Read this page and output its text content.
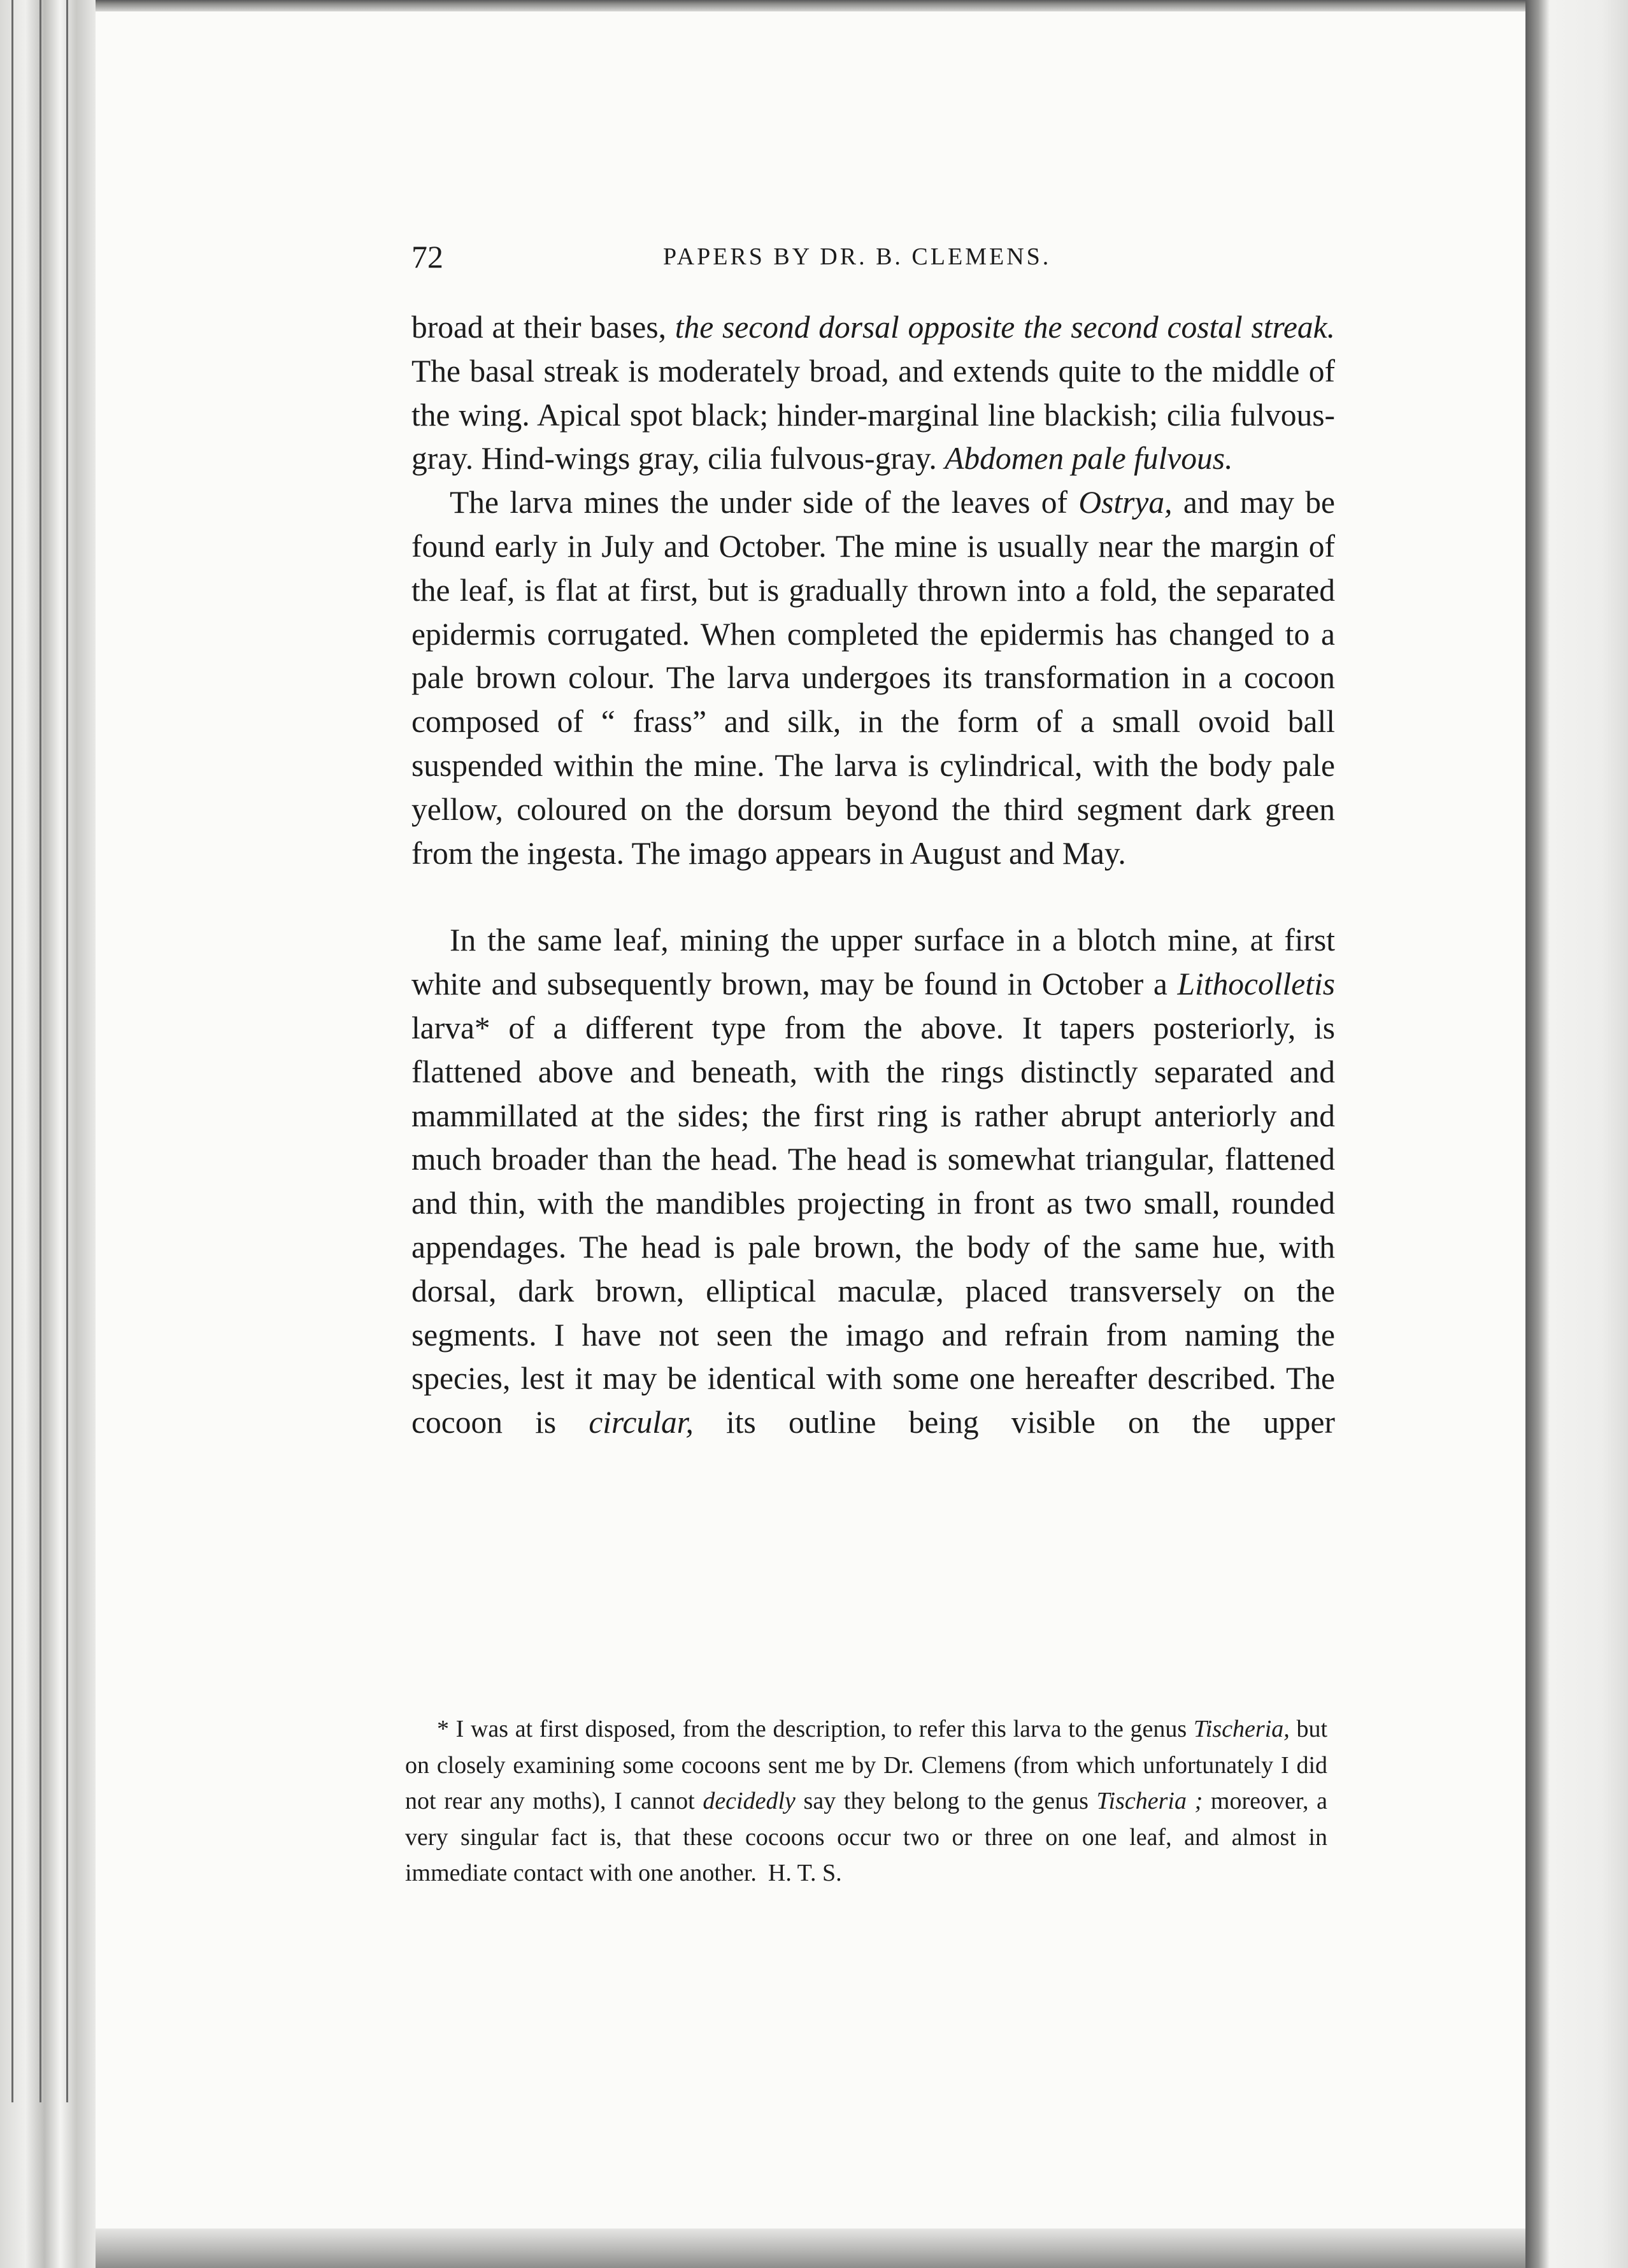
72	PAPERS BY DR. B. CLEMENS.

broad at their bases, the second dorsal opposite the second costal streak. The basal streak is moderately broad, and extends quite to the middle of the wing. Apical spot black; hinder-marginal line blackish; cilia fulvous-gray. Hind-wings gray, cilia fulvous-gray. Abdomen pale fulvous.

The larva mines the under side of the leaves of Ostrya, and may be found early in July and October. The mine is usually near the margin of the leaf, is flat at first, but is gradually thrown into a fold, the separated epidermis corrugated. When completed the epidermis has changed to a pale brown colour. The larva undergoes its transformation in a cocoon composed of “ frass” and silk, in the form of a small ovoid ball suspended within the mine. The larva is cylindrical, with the body pale yellow, coloured on the dorsum beyond the third segment dark green from the ingesta. The imago appears in August and May.

In the same leaf, mining the upper surface in a blotch mine, at first white and subsequently brown, may be found in October a Lithocolletis larva* of a different type from the above. It tapers posteriorly, is flattened above and beneath, with the rings distinctly separated and mammillated at the sides; the first ring is rather abrupt anteriorly and much broader than the head. The head is somewhat triangular, flattened and thin, with the mandibles projecting in front as two small, rounded appendages. The head is pale brown, the body of the same hue, with dorsal, dark brown, elliptical maculæ, placed transversely on the segments. I have not seen the imago and refrain from naming the species, lest it may be identical with some one hereafter described. The cocoon is circular, its outline being visible on the upper

* I was at first disposed, from the description, to refer this larva to the genus Tischeria, but on closely examining some cocoons sent me by Dr. Clemens (from which unfortunately I did not rear any moths), I cannot decidedly say they belong to the genus Tischeria ; moreover, a very singular fact is, that these cocoons occur two or three on one leaf, and almost in immediate contact with one another. H. T. S.
